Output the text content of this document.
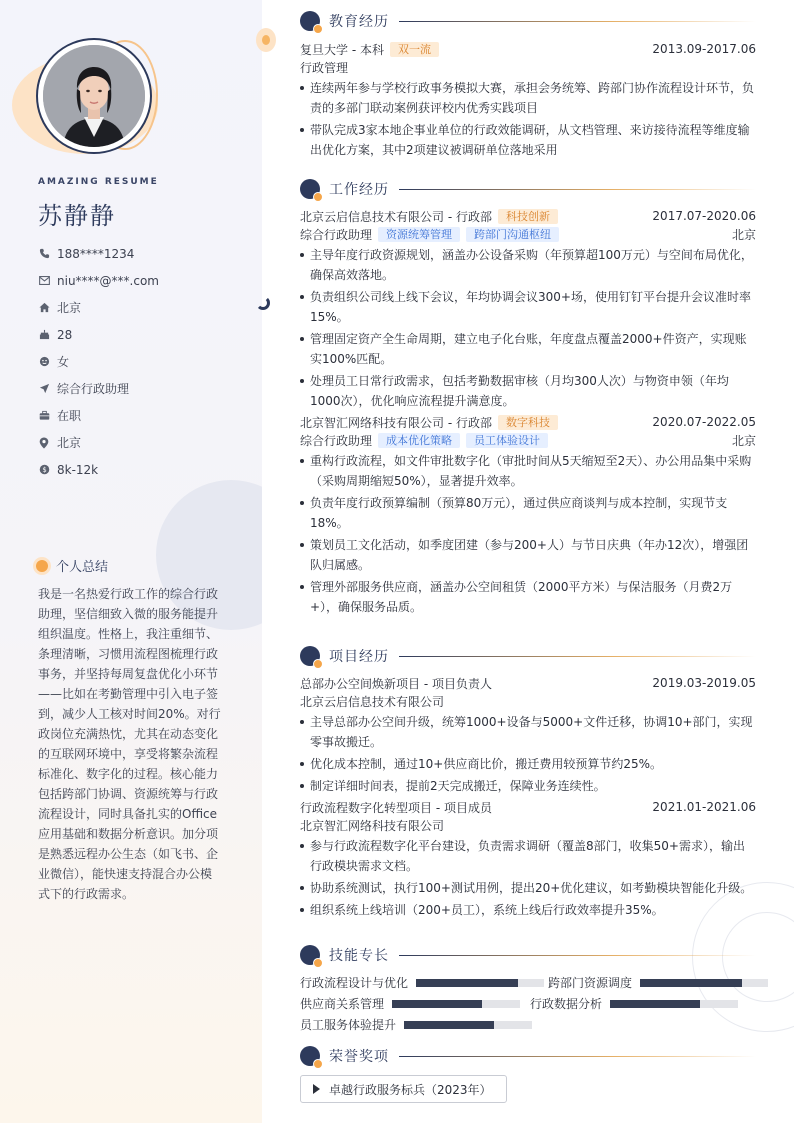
AMAZING RESUME
苏静静
188****1234
niu****@***.com
北京
28
女
综合行政助理
在职
北京
$ 8k-12k
个人总结
我是一名热爱行政工作的综合行政助理，坚信细致入微的服务能提升组织温度。性格上，我注重细节、条理清晰，习惯用流程图梳理行政事务，并坚持每周复盘优化小环节——比如在考勤管理中引入电子签到，减少人工核对时间20%。对行政岗位充满热忱，尤其在动态变化的互联网环境中，享受将繁杂流程标准化、数字化的过程。核心能力包括跨部门协调、资源统筹与行政流程设计，同时具备扎实的Office应用基础和数据分析意识。加分项是熟悉远程办公生态（如飞书、企业微信），能快速支持混合办公模式下的行政需求。
教育经历
复旦大学 - 本科	双一流	2013.09-2017.06
行政管理
连续两年参与学校行政事务模拟大赛，承担会务统筹、跨部门协作流程设计环节，负责的多部门联动案例获评校内优秀实践项目
带队完成3家本地企事业单位的行政效能调研，从文档管理、来访接待流程等维度输出优化方案，其中2项建议被调研单位落地采用
工作经历
北京云启信息技术有限公司 - 行政部	科技创新	2017.07-2020.06
综合行政助理	资源统筹管理	跨部门沟通枢纽	北京
主导年度行政资源规划，涵盖办公设备采购（年预算超100万元）与空间布局优化，确保高效落地。
负责组织公司线上线下会议，年均协调会议300+场，使用钉钉平台提升会议准时率15%。
管理固定资产全生命周期，建立电子化台账，年度盘点覆盖2000+件资产，实现账实100%匹配。
处理员工日常行政需求，包括考勤数据审核（月均300人次）与物资申领（年均1000次），优化响应流程提升满意度。
北京智汇网络科技有限公司 - 行政部	数字科技	2020.07-2022.05
综合行政助理	成本优化策略	员工体验设计	北京
重构行政流程，如文件审批数字化（审批时间从5天缩短至2天）、办公用品集中采购（采购周期缩短50%），显著提升效率。
负责年度行政预算编制（预算80万元），通过供应商谈判与成本控制，实现节支18%。
策划员工文化活动，如季度团建（参与200+人）与节日庆典（年办12次），增强团队归属感。
管理外部服务供应商，涵盖办公空间租赁（2000平方米）与保洁服务（月费2万+），确保服务品质。
项目经历
总部办公空间焕新项目 - 项目负责人	2019.03-2019.05
北京云启信息技术有限公司
主导总部办公空间升级，统筹1000+设备与5000+文件迁移，协调10+部门，实现零事故搬迁。
优化成本控制，通过10+供应商比价，搬迁费用较预算节约25%。
制定详细时间表，提前2天完成搬迁，保障业务连续性。
行政流程数字化转型项目 - 项目成员	2021.01-2021.06
北京智汇网络科技有限公司
参与行政流程数字化平台建设，负责需求调研（覆盖8部门，收集50+需求），输出行政模块需求文档。
协助系统测试，执行100+测试用例，提出20+优化建议，如考勤模块智能化升级。
组织系统上线培训（200+员工），系统上线后行政效率提升35%。
技能专长
行政流程设计与优化	跨部门资源调度
供应商关系管理	行政数据分析
员工服务体验提升
荣誉奖项
卓越行政服务标兵（2023年）
